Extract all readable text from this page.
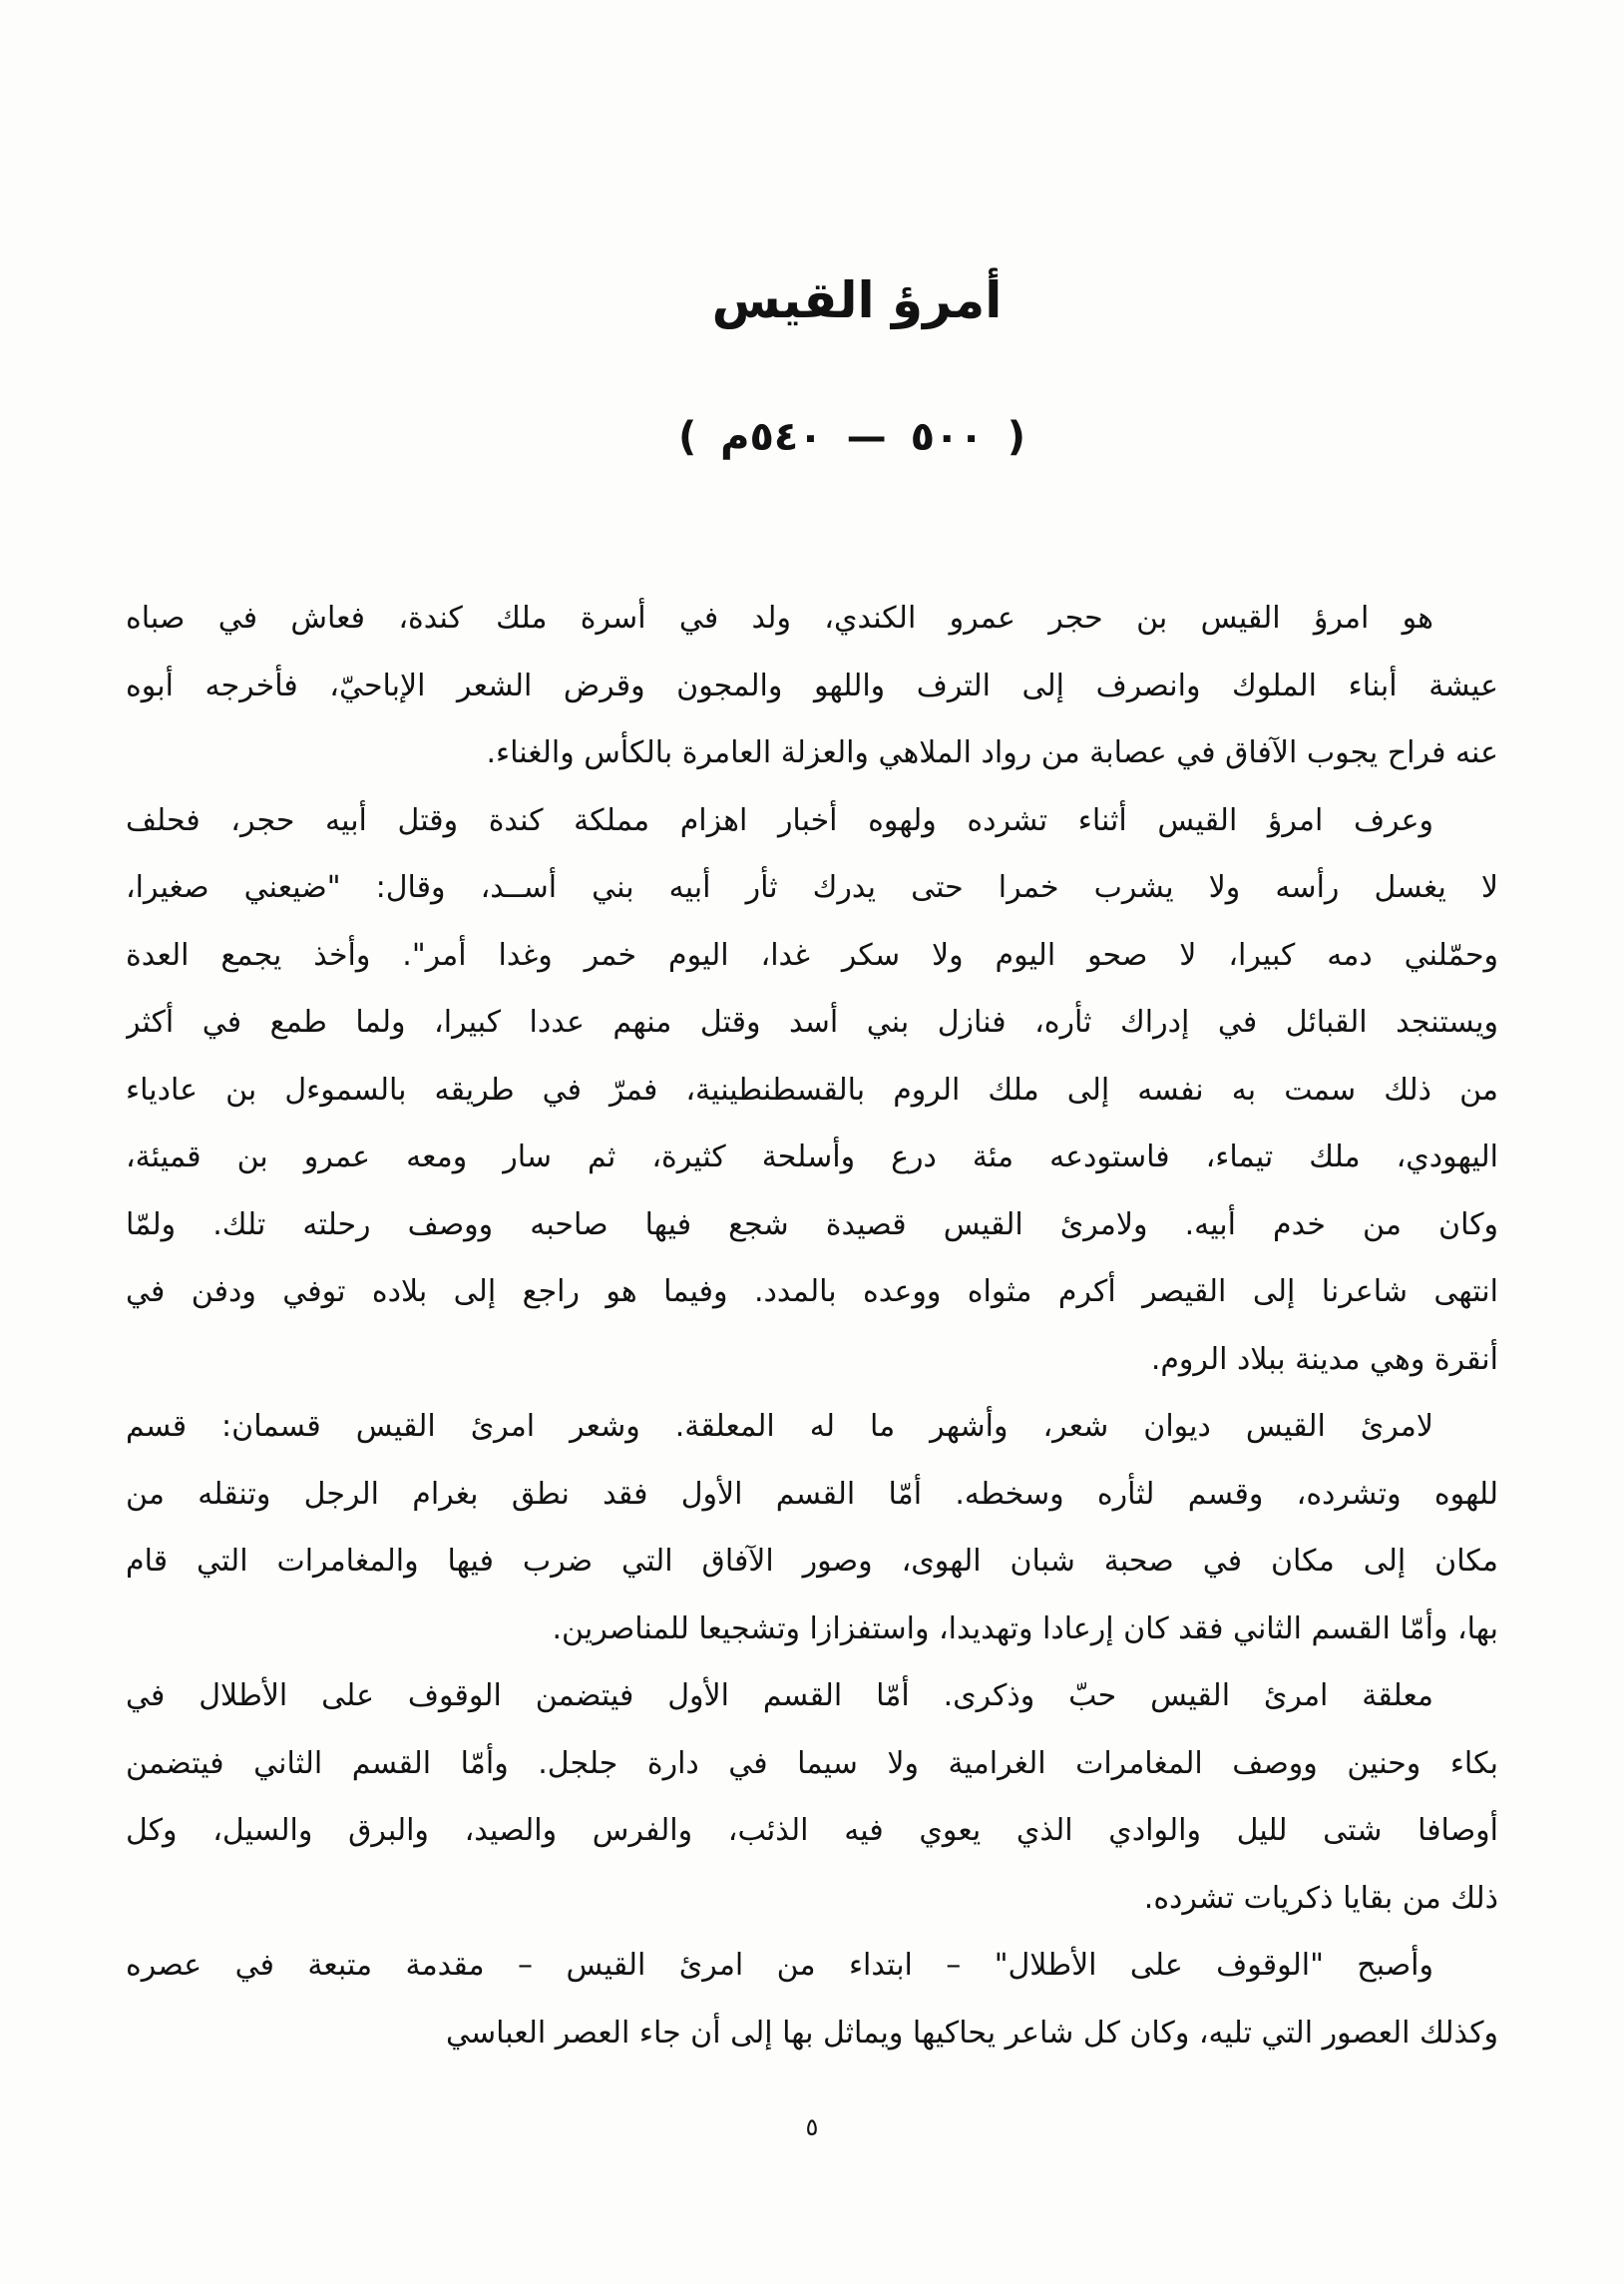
أمرؤ القيس
( ٥٠٠ — ٥٤٠م )
هو امرؤ القيس بن حجر عمرو الكندي، ولد في أسرة ملك كندة، فعاش في صباه
عيشة أبناء الملوك وانصرف إلى الترف واللهو والمجون وقرض الشعر الإباحيّ، فأخرجه أبوه
عنه فراح يجوب الآفاق في عصابة من رواد الملاهي والعزلة العامرة بالكأس والغناء.
وعرف امرؤ القيس أثناء تشرده ولهوه أخبار اهزام مملكة كندة وقتل أبيه حجر، فحلف
لا يغسل رأسه ولا يشرب خمرا حتى يدرك ثأر أبيه بني أســد، وقال: "ضيعني صغيرا،
وحمّلني دمه كبيرا، لا صحو اليوم ولا سكر غدا، اليوم خمر وغدا أمر". وأخذ يجمع العدة
ويستنجد القبائل في إدراك ثأره، فنازل بني أسد وقتل منهم عددا كبيرا، ولما طمع في أكثر
من ذلك سمت به نفسه إلى ملك الروم بالقسطنطينية، فمرّ في طريقه بالسموءل بن عادياء
اليهودي، ملك تيماء، فاستودعه مئة درع وأسلحة كثيرة، ثم سار ومعه عمرو بن قميئة،
وكان من خدم أبيه. ولامرئ القيس قصيدة شجع فيها صاحبه ووصف رحلته تلك. ولمّا
انتهى شاعرنا إلى القيصر أكرم مثواه ووعده بالمدد. وفيما هو راجع إلى بلاده توفي ودفن في
أنقرة وهي مدينة ببلاد الروم.
لامرئ القيس ديوان شعر، وأشهر ما له المعلقة. وشعر امرئ القيس قسمان: قسم
للهوه وتشرده، وقسم لثأره وسخطه. أمّا القسم الأول فقد نطق بغرام الرجل وتنقله من
مكان إلى مكان في صحبة شبان الهوى، وصور الآفاق التي ضرب فيها والمغامرات التي قام
بها، وأمّا القسم الثاني فقد كان إرعادا وتهديدا، واستفزازا وتشجيعا للمناصرين.
معلقة امرئ القيس حبّ وذكرى. أمّا القسم الأول فيتضمن الوقوف على الأطلال في
بكاء وحنين ووصف المغامرات الغرامية ولا سيما في دارة جلجل. وأمّا القسم الثاني فيتضمن
أوصافا شتى لليل والوادي الذي يعوي فيه الذئب، والفرس والصيد، والبرق والسيل، وكل
ذلك من بقايا ذكريات تشرده.
وأصبح "الوقوف على الأطلال" – ابتداء من امرئ القيس – مقدمة متبعة في عصره
وكذلك العصور التي تليه، وكان كل شاعر يحاكيها ويماثل بها إلى أن جاء العصر العباسي
٥
